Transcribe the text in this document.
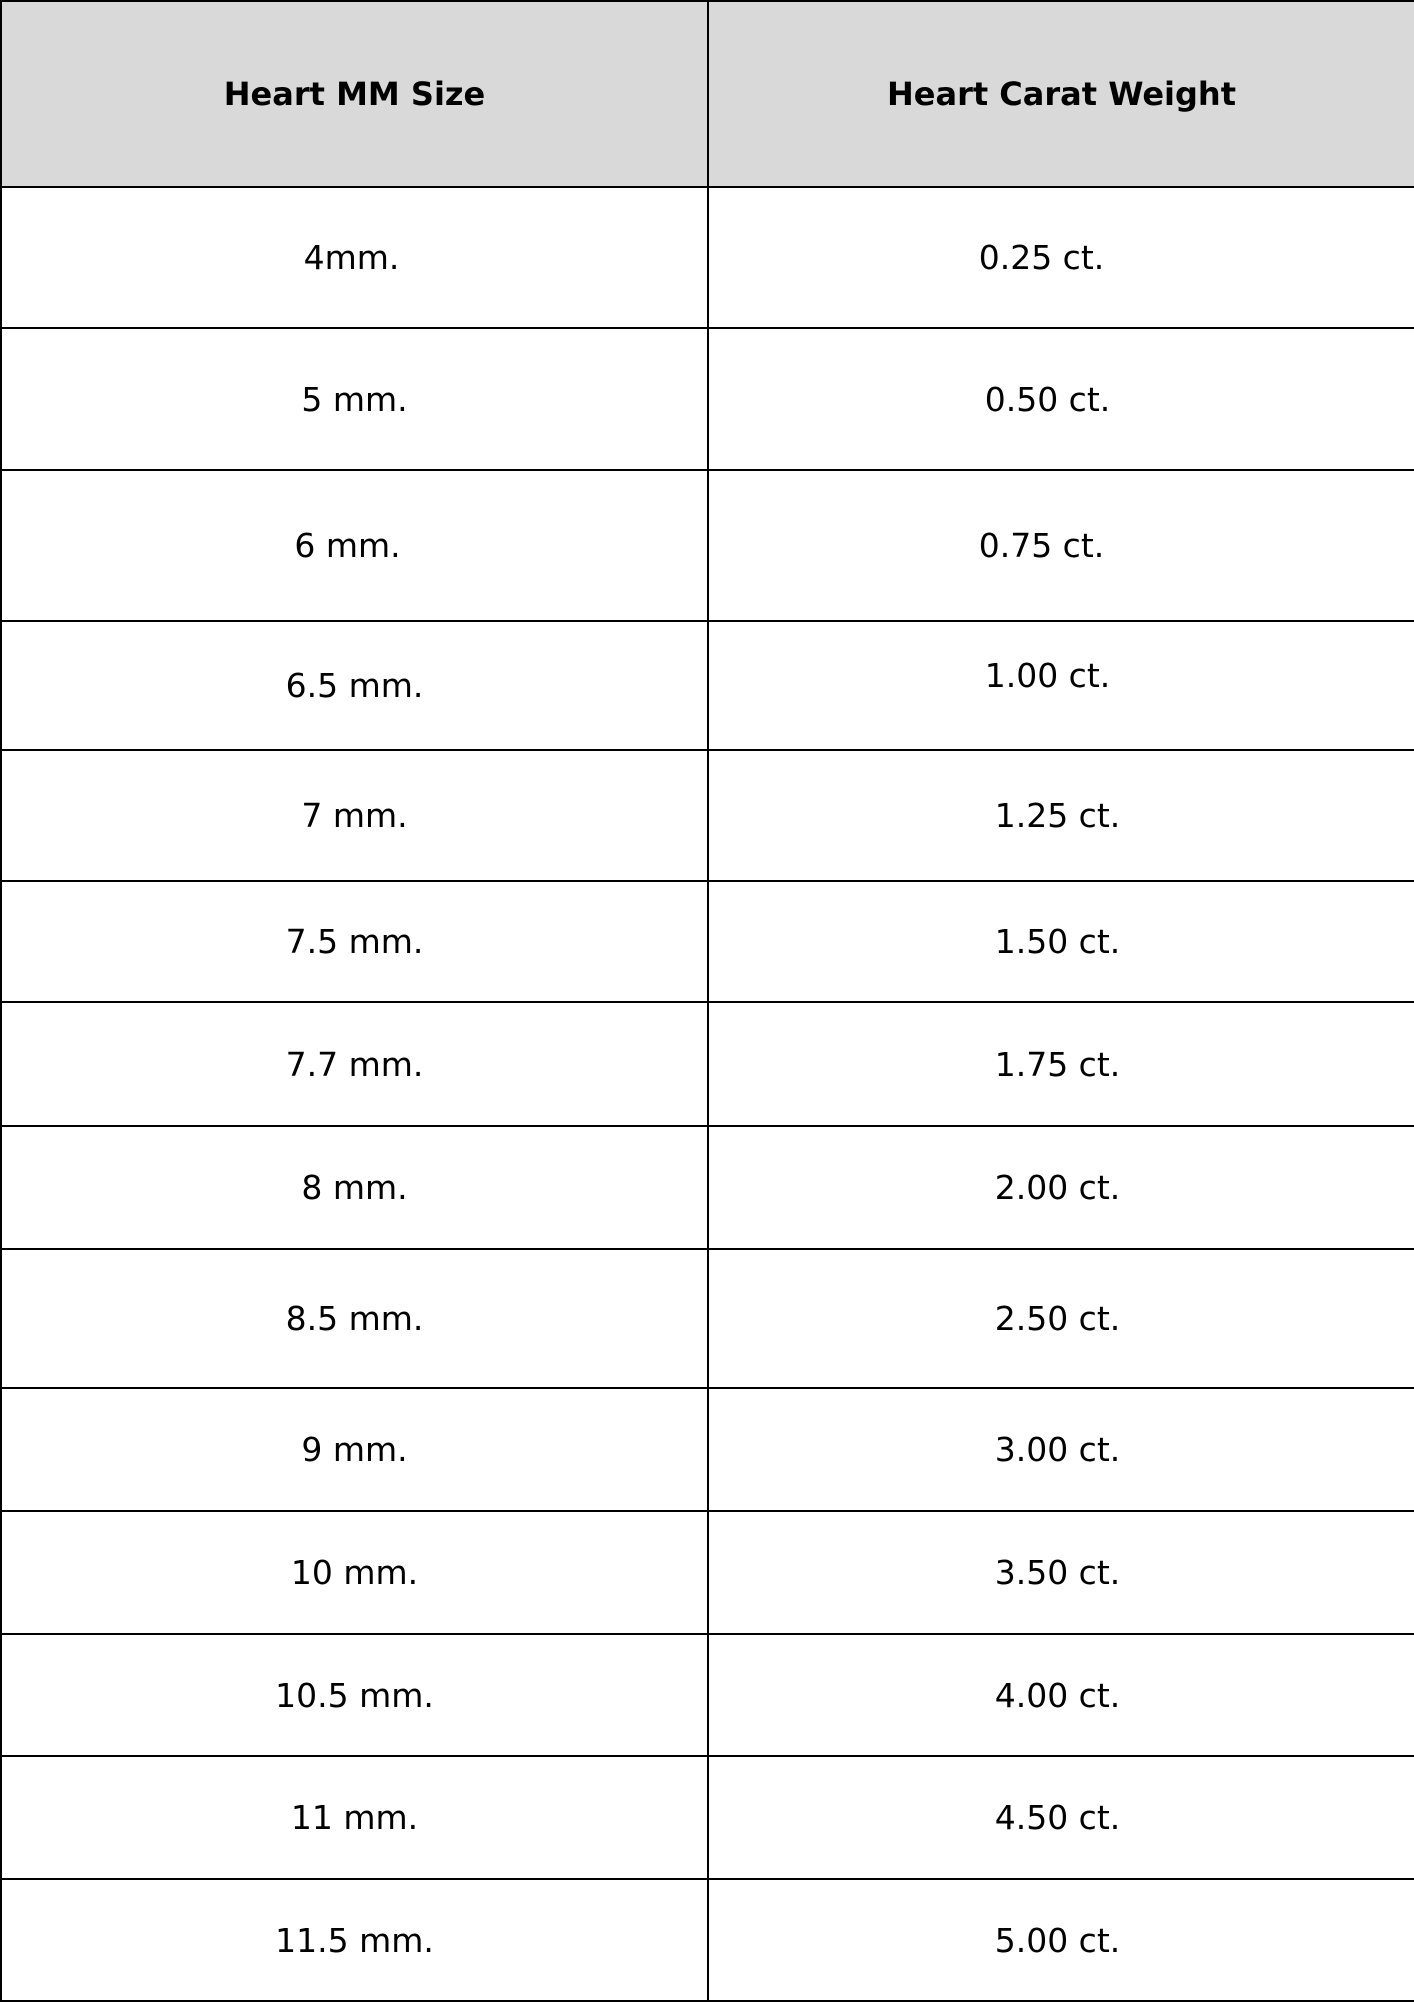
Heart MM Size	Heart Carat Weight
4mm.	0.25 ct.
5 mm.	0.50 ct.
6 mm.	0.75 ct.
6.5 mm.	1.00 ct.
7 mm.	1.25 ct.
7.5 mm.	1.50 ct.
7.7 mm.	1.75 ct.
8 mm.	2.00 ct.
8.5 mm.	2.50 ct.
9 mm.	3.00 ct.
10 mm.	3.50 ct.
10.5 mm.	4.00 ct.
11 mm.	4.50 ct.
11.5 mm.	5.00 ct.
